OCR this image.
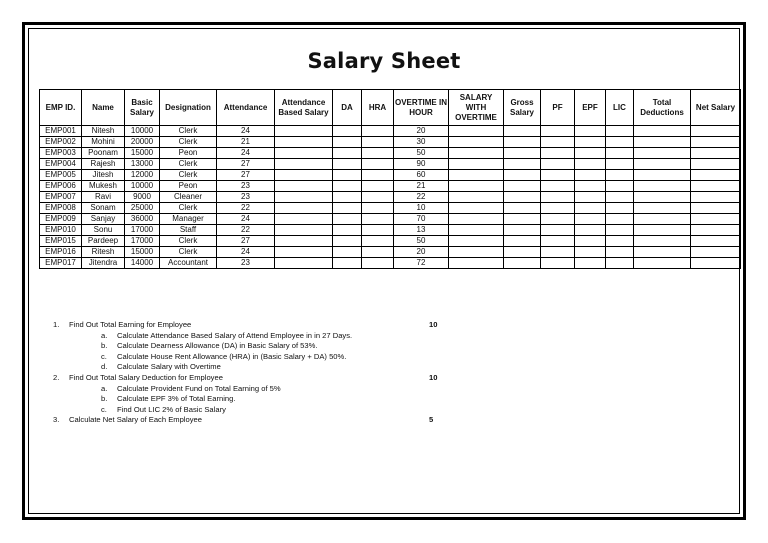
Salary Sheet
EMP ID.	Name	Basic Salary	Designation	Attendance	Attendance Based Salary	DA	HRA	OVERTIME IN HOUR	SALARY WITH OVERTIME	Gross Salary	PF	EPF	LIC	Total Deductions	Net Salary
EMP001	Nitesh	10000	Clerk	24				20							
EMP002	Mohini	20000	Clerk	21				30							
EMP003	Poonam	15000	Peon	24				50							
EMP004	Rajesh	13000	Clerk	27				90							
EMP005	Jitesh	12000	Clerk	27				60							
EMP006	Mukesh	10000	Peon	23				21							
EMP007	Ravi	9000	Cleaner	23				22							
EMP008	Sonam	25000	Clerk	22				10							
EMP009	Sanjay	36000	Manager	24				70							
EMP010	Sonu	17000	Staff	22				13							
EMP015	Pardeep	17000	Clerk	27				50							
EMP016	Ritesh	15000	Clerk	24				20							
EMP017	Jitendra	14000	Accountant	23				72							
1. Find Out Total Earning for Employee	10
a. Calculate Attendance Based Salary of Attend Employee in in 27 Days.
b. Calculate Dearness Allowance (DA) in Basic Salary of 53%.
c. Calculate House Rent Allowance (HRA) in (Basic Salary + DA) 50%.
d. Calculate Salary with Overtime
2. Find Out Total Salary Deduction for Employee	10
a. Calculate Provident Fund on Total Earning of 5%
b. Calculate EPF 3% of Total Earning.
c. Find Out LIC 2% of Basic Salary
3. Calculate Net Salary of Each Employee	5
